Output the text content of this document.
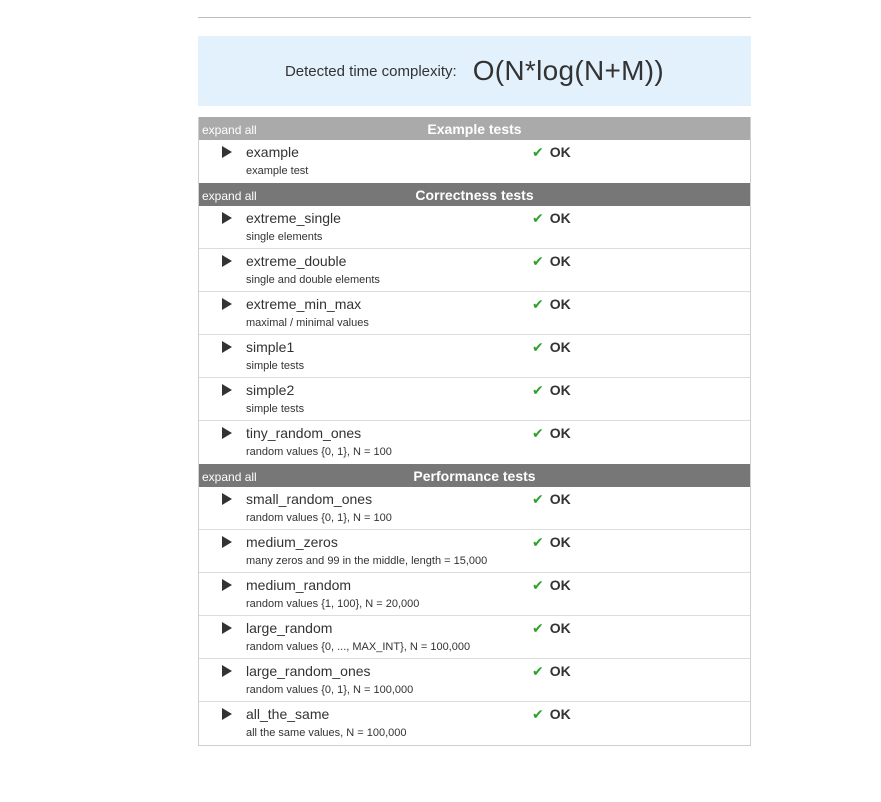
Detected time complexity: O(N*log(N+M))
expand all	Example tests
example
example test
✔ OK
expand all	Correctness tests
extreme_single
single elements
✔ OK
extreme_double
single and double elements
✔ OK
extreme_min_max
maximal / minimal values
✔ OK
simple1
simple tests
✔ OK
simple2
simple tests
✔ OK
tiny_random_ones
random values {0, 1}, N = 100
✔ OK
expand all	Performance tests
small_random_ones
random values {0, 1}, N = 100
✔ OK
medium_zeros
many zeros and 99 in the middle, length = 15,000
✔ OK
medium_random
random values {1, 100}, N = 20,000
✔ OK
large_random
random values {0, ..., MAX_INT}, N = 100,000
✔ OK
large_random_ones
random values {0, 1}, N = 100,000
✔ OK
all_the_same
all the same values, N = 100,000
✔ OK
